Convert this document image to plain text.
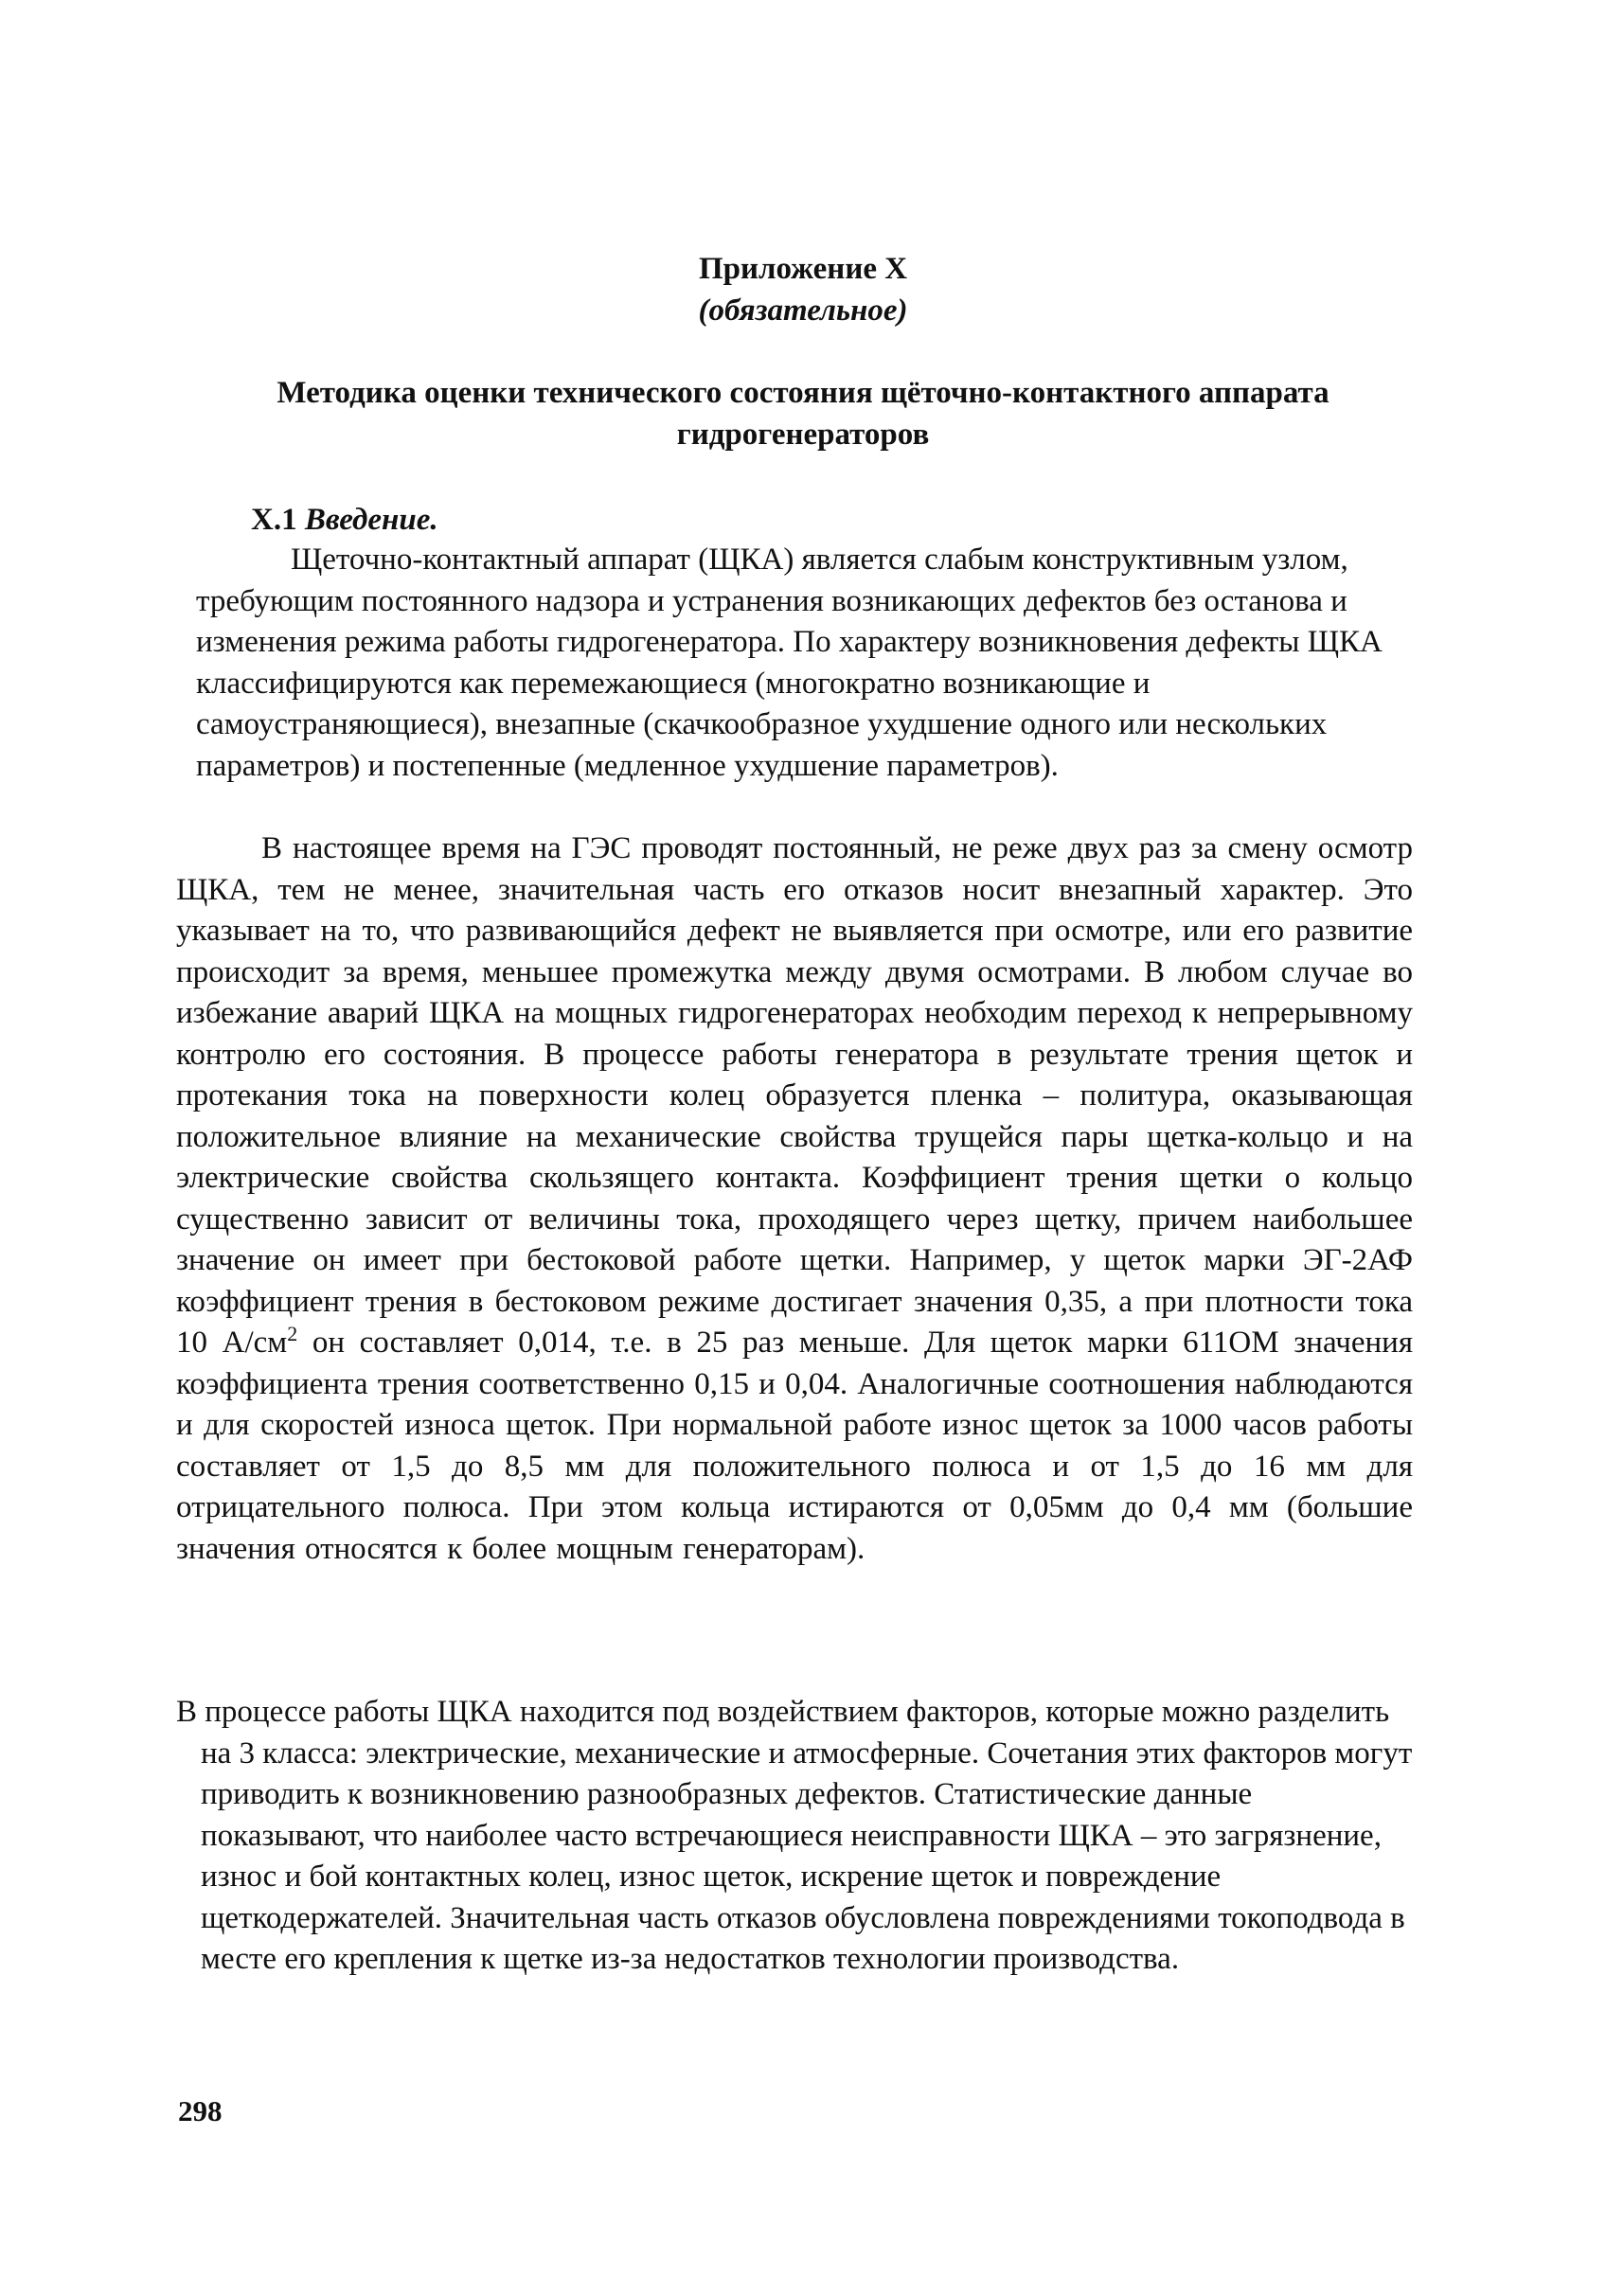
Приложение Х
(обязательное)
Методика оценки технического состояния щёточно-контактного аппарата гидрогенераторов
Х.1 Введение.
Щеточно-контактный аппарат (ЩКА) является слабым конструктивным узлом, требующим постоянного надзора и устранения возникающих дефектов без останова и изменения режима работы гидрогенератора. По характеру возникновения дефекты ЩКА классифицируются как перемежающиеся (многократно возникающие и самоустраняющиеся), внезапные (скачкообразное ухудшение одного или нескольких параметров) и постепенные (медленное ухудшение параметров).
В настоящее время на ГЭС проводят постоянный, не реже двух раз за смену осмотр ЩКА, тем не менее, значительная часть его отказов носит внезапный характер. Это указывает на то, что развивающийся дефект не выявляется при осмотре, или его развитие происходит за время, меньшее промежутка между двумя осмотрами. В любом случае во избежание аварий ЩКА на мощных гидрогенераторах необходим переход к непрерывному контролю его состояния. В процессе работы генератора в результате трения щеток и протекания тока на поверхности колец образуется пленка – политура, оказывающая положительное влияние на механические свойства трущейся пары щетка-кольцо и на электрические свойства скользящего контакта. Коэффициент трения щетки о кольцо существенно зависит от величины тока, проходящего через щетку, причем наибольшее значение он имеет при бестоковой работе щетки. Например, у щеток марки ЭГ-2АФ коэффициент трения в бестоковом режиме достигает значения 0,35, а при плотности тока 10 $А/см^2$ он составляет 0,014, т.е. в 25 раз меньше. Для щеток марки 611ОМ значения коэффициента трения соответственно 0,15 и 0,04. Аналогичные соотношения наблюдаются и для скоростей износа щеток. При нормальной работе износ щеток за 1000 часов работы составляет от 1,5 до 8,5 мм для положительного полюса и от 1,5 до 16 мм для отрицательного полюса. При этом кольца истираются от 0,05мм до 0,4 мм (большие значения относятся к более мощным генераторам).
В процессе работы ЩКА находится под воздействием факторов, которые можно разделить на 3 класса: электрические, механические и атмосферные. Сочетания этих факторов могут приводить к возникновению разнообразных дефектов. Статистические данные показывают, что наиболее часто встречающиеся неисправности ЩКА – это загрязнение, износ и бой контактных колец, износ щеток, искрение щеток и повреждение щеткодержателей. Значительная часть отказов обусловлена повреждениями токоподвода в месте его крепления к щетке из-за недостатков технологии производства.
298
